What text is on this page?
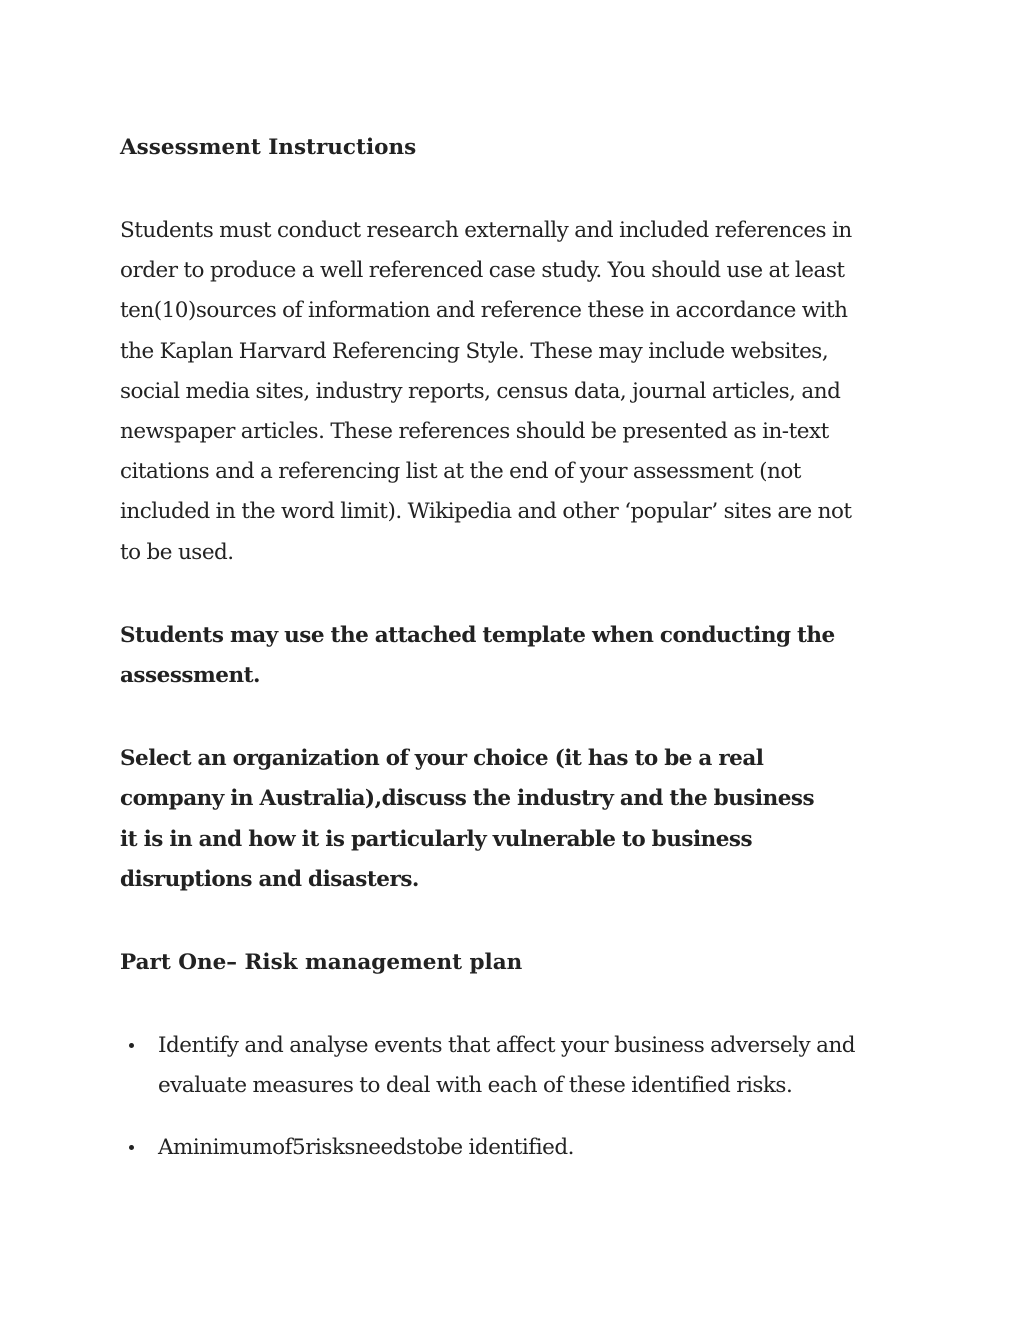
Assessment Instructions
Students must conduct research externally and included references in
order to produce a well referenced case study. You should use at least
ten(10)sources of information and reference these in accordance with
the Kaplan Harvard Referencing Style. These may include websites,
social media sites, industry reports, census data, journal articles, and
newspaper articles. These references should be presented as in-text
citations and a referencing list at the end of your assessment (not
included in the word limit). Wikipedia and other ‘popular’ sites are not
to be used.
Students may use the attached template when conducting the
assessment.
Select an organization of your choice (it has to be a real
company in Australia),discuss the industry and the business
it is in and how it is particularly vulnerable to business
disruptions and disasters.
Part One– Risk management plan
Identify and analyse events that affect your business adversely and
evaluate measures to deal with each of these identified risks.
Aminimumof5risksneedstobe identified.
